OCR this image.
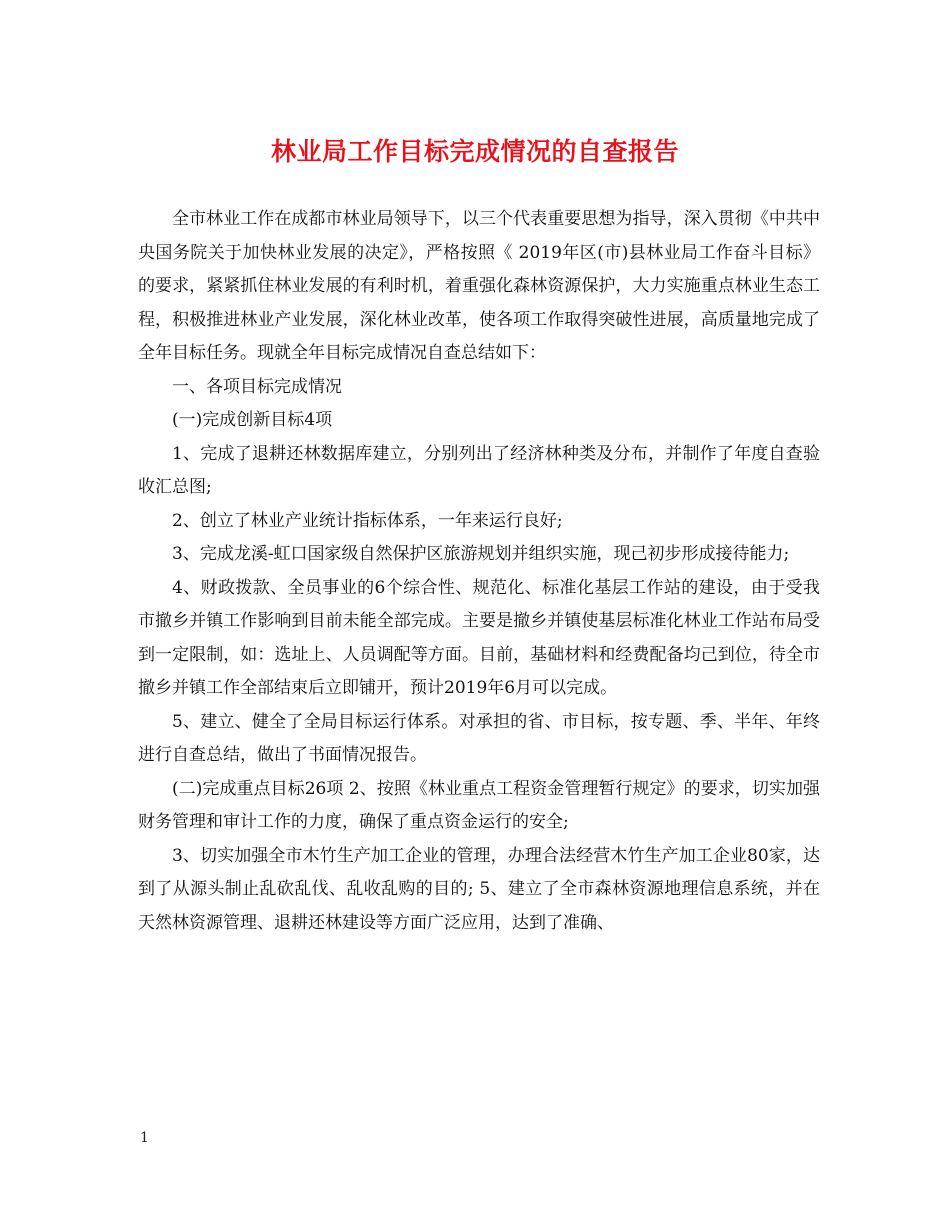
林业局工作目标完成情况的自查报告

全市林业工作在成都市林业局领导下，以三个代表重要思想为指导，深入贯彻《中共中央国务院关于加快林业发展的决定》，严格按照《 2019年区(市)县林业局工作奋斗目标》的要求，紧紧抓住林业发展的有利时机，着重强化森林资源保护，大力实施重点林业生态工程，积极推进林业产业发展，深化林业改革，使各项工作取得突破性进展，高质量地完成了全年目标任务。现就全年目标完成情况自查总结如下：

一、各项目标完成情况

(一)完成创新目标4项

1、完成了退耕还林数据库建立，分别列出了经济林种类及分布，并制作了年度自查验收汇总图;

2、创立了林业产业统计指标体系，一年来运行良好;

3、完成龙溪-虹口国家级自然保护区旅游规划并组织实施，现己初步形成接待能力;

4、财政拨款、全员事业的6个综合性、规范化、标准化基层工作站的建设，由于受我市撤乡并镇工作影响到目前未能全部完成。主要是撤乡并镇使基层标准化林业工作站布局受到一定限制，如：选址上、人员调配等方面。目前，基础材料和经费配备均己到位，待全市撤乡并镇工作全部结束后立即铺开，预计2019年6月可以完成。

5、建立、健全了全局目标运行体系。对承担的省、市目标，按专题、季、半年、年终进行自查总结，做出了书面情况报告。

(二)完成重点目标26项 2、按照《林业重点工程资金管理暂行规定》的要求，切实加强财务管理和审计工作的力度，确保了重点资金运行的安全;

3、切实加强全市木竹生产加工企业的管理，办理合法经营木竹生产加工企业80家，达到了从源头制止乱砍乱伐、乱收乱购的目的; 5、建立了全市森林资源地理信息系统，并在天然林资源管理、退耕还林建设等方面广泛应用，达到了准确、

1
